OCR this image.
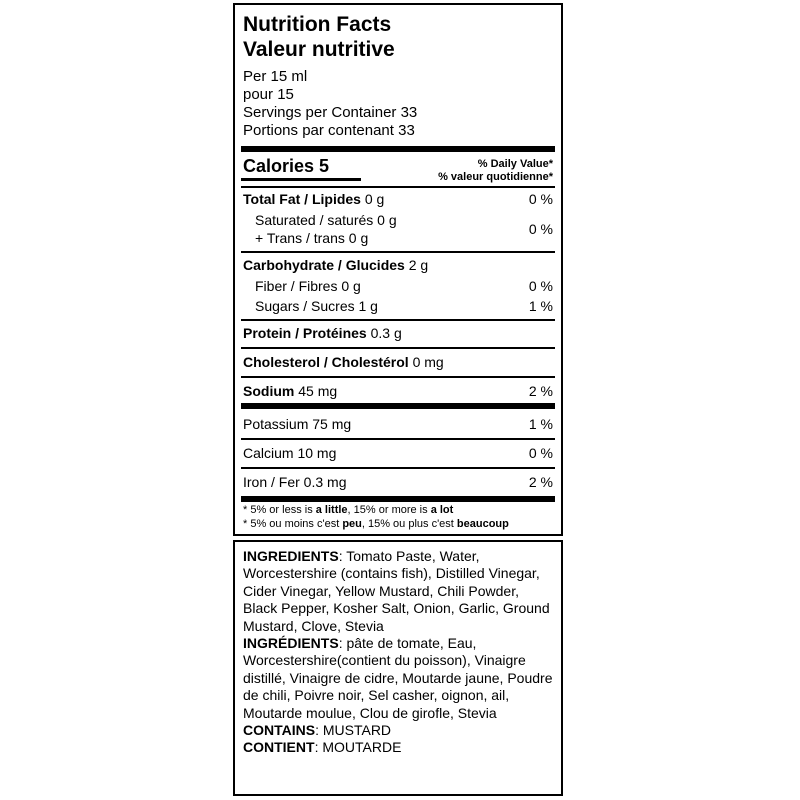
Nutrition Facts
Valeur nutritive
Per 15 ml
pour 15
Servings per Container 33
Portions par contenant 33
Calories 5	% Daily Value*
% valeur quotidienne*
Total Fat / Lipides 0 g	0 %
Saturated / saturés 0 g
+ Trans / trans 0 g
0 %
Carbohydrate / Glucides 2 g
Fiber / Fibres 0 g	0 %
Sugars / Sucres 1 g	1 %
Protein / Protéines 0.3 g
Cholesterol / Cholestérol 0 mg
Sodium 45 mg	2 %
Potassium 75 mg	1 %
Calcium 10 mg	0 %
Iron / Fer 0.3 mg	2 %
* 5% or less is a little, 15% or more is a lot
* 5% ou moins c'est peu, 15% ou plus c'est beaucoup

INGREDIENTS: Tomato Paste, Water, Worcestershire (contains fish), Distilled Vinegar, Cider Vinegar, Yellow Mustard, Chili Powder, Black Pepper, Kosher Salt, Onion, Garlic, Ground Mustard, Clove, Stevia

INGRÉDIENTS: pâte de tomate, Eau, Worcestershire(contient du poisson), Vinaigre distillé, Vinaigre de cidre, Moutarde jaune, Poudre de chili, Poivre noir, Sel casher, oignon, ail, Moutarde moulue, Clou de girofle, Stevia

CONTAINS: MUSTARD

CONTIENT: MOUTARDE
